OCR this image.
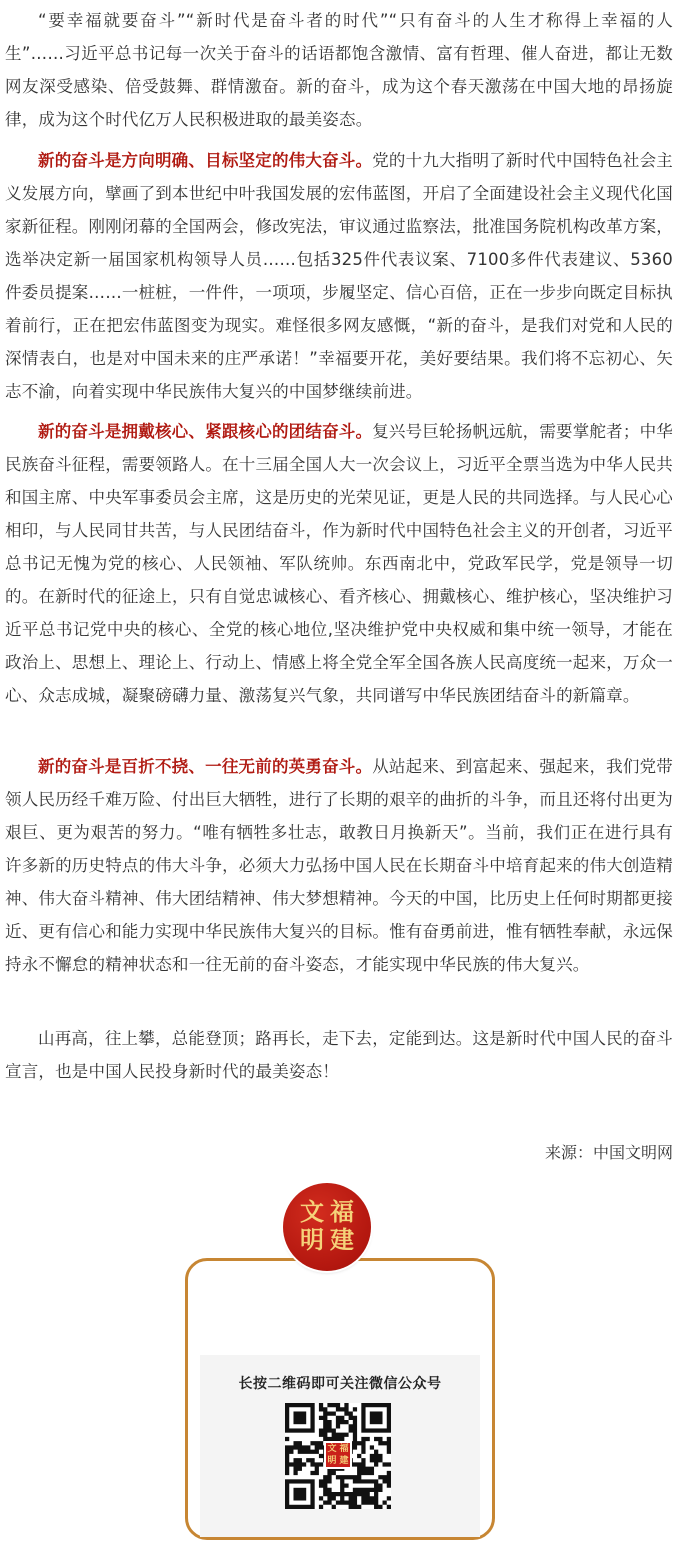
“要幸福就要奋斗”“新时代是奋斗者的时代”“只有奋斗的人生才称得上幸福的人生”……习近平总书记每一次关于奋斗的话语都饱含激情、富有哲理、催人奋进，都让无数网友深受感染、倍受鼓舞、群情激奋。新的奋斗，成为这个春天激荡在中国大地的昂扬旋律，成为这个时代亿万人民积极进取的最美姿态。

新的奋斗是方向明确、目标坚定的伟大奋斗。党的十九大指明了新时代中国特色社会主义发展方向，擘画了到本世纪中叶我国发展的宏伟蓝图，开启了全面建设社会主义现代化国家新征程。刚刚闭幕的全国两会，修改宪法，审议通过监察法，批准国务院机构改革方案，选举决定新一届国家机构领导人员……包括325件代表议案、7100多件代表建议、5360件委员提案……一桩桩，一件件，一项项，步履坚定、信心百倍，正在一步步向既定目标执着前行，正在把宏伟蓝图变为现实。难怪很多网友感慨，“新的奋斗，是我们对党和人民的深情表白，也是对中国未来的庄严承诺！”幸福要开花，美好要结果。我们将不忘初心、矢志不渝，向着实现中华民族伟大复兴的中国梦继续前进。

新的奋斗是拥戴核心、紧跟核心的团结奋斗。复兴号巨轮扬帆远航，需要掌舵者；中华民族奋斗征程，需要领路人。在十三届全国人大一次会议上，习近平全票当选为中华人民共和国主席、中央军事委员会主席，这是历史的光荣见证，更是人民的共同选择。与人民心心相印，与人民同甘共苦，与人民团结奋斗，作为新时代中国特色社会主义的开创者，习近平总书记无愧为党的核心、人民领袖、军队统帅。东西南北中，党政军民学，党是领导一切的。在新时代的征途上，只有自觉忠诚核心、看齐核心、拥戴核心、维护核心，坚决维护习近平总书记党中央的核心、全党的核心地位,坚决维护党中央权威和集中统一领导，才能在政治上、思想上、理论上、行动上、情感上将全党全军全国各族人民高度统一起来，万众一心、众志成城，凝聚磅礴力量、激荡复兴气象，共同谱写中华民族团结奋斗的新篇章。

新的奋斗是百折不挠、一往无前的英勇奋斗。从站起来、到富起来、强起来，我们党带领人民历经千难万险、付出巨大牺牲，进行了长期的艰辛的曲折的斗争，而且还将付出更为艰巨、更为艰苦的努力。“唯有牺牲多壮志，敢教日月换新天”。当前，我们正在进行具有许多新的历史特点的伟大斗争，必须大力弘扬中国人民在长期奋斗中培育起来的伟大创造精神、伟大奋斗精神、伟大团结精神、伟大梦想精神。今天的中国，比历史上任何时期都更接近、更有信心和能力实现中华民族伟大复兴的目标。惟有奋勇前进，惟有牺牲奉献，永远保持永不懈怠的精神状态和一往无前的奋斗姿态，才能实现中华民族的伟大复兴。

山再高，往上攀，总能登顶；路再长，走下去，定能到达。这是新时代中国人民的奋斗宣言，也是中国人民投身新时代的最美姿态！

来源：中国文明网
长按二维码即可关注微信公众号
文 福
明 建
文 福
明 建
